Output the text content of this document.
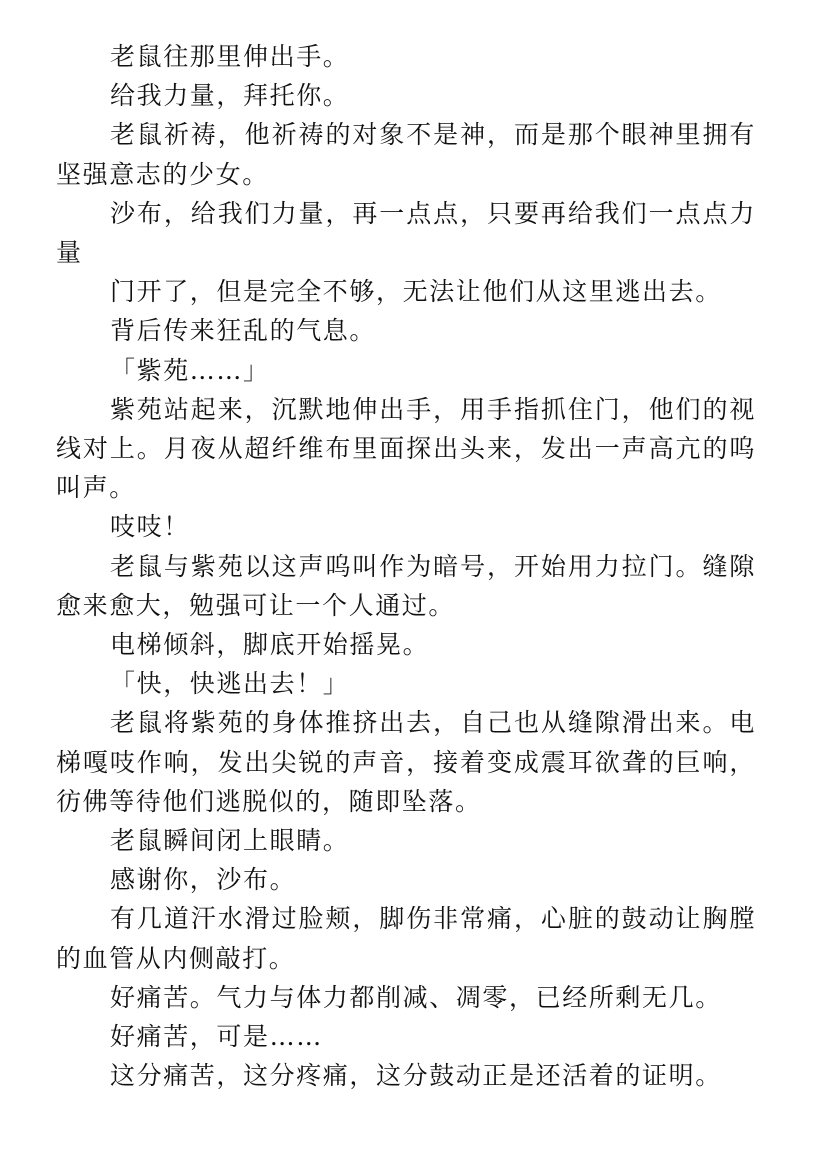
老鼠往那里伸出手。

给我力量，拜托你。

老鼠祈祷，他祈祷的对象不是神，而是那个眼神里拥有坚强意志的少女。

沙布，给我们力量，再一点点，只要再给我们一点点力量

门开了，但是完全不够，无法让他们从这里逃出去。

背后传来狂乱的气息。

「紫苑……」

紫苑站起来，沉默地伸出手，用手指抓住门，他们的视线对上。月夜从超纤维布里面探出头来，发出一声高亢的呜叫声。

吱吱！

老鼠与紫苑以这声呜叫作为暗号，开始用力拉门。缝隙愈来愈大，勉强可让一个人通过。

电梯倾斜，脚底开始摇晃。

「快，快逃出去！」

老鼠将紫苑的身体推挤出去，自己也从缝隙滑出来。电梯嘎吱作响，发出尖锐的声音，接着变成震耳欲聋的巨响，彷佛等待他们逃脱似的，随即坠落。

老鼠瞬间闭上眼睛。

感谢你，沙布。

有几道汗水滑过脸颊，脚伤非常痛，心脏的鼓动让胸膛的血管从内侧敲打。

好痛苦。气力与体力都削减、凋零，已经所剩无几。

好痛苦，可是……

这分痛苦，这分疼痛，这分鼓动正是还活着的证明。
